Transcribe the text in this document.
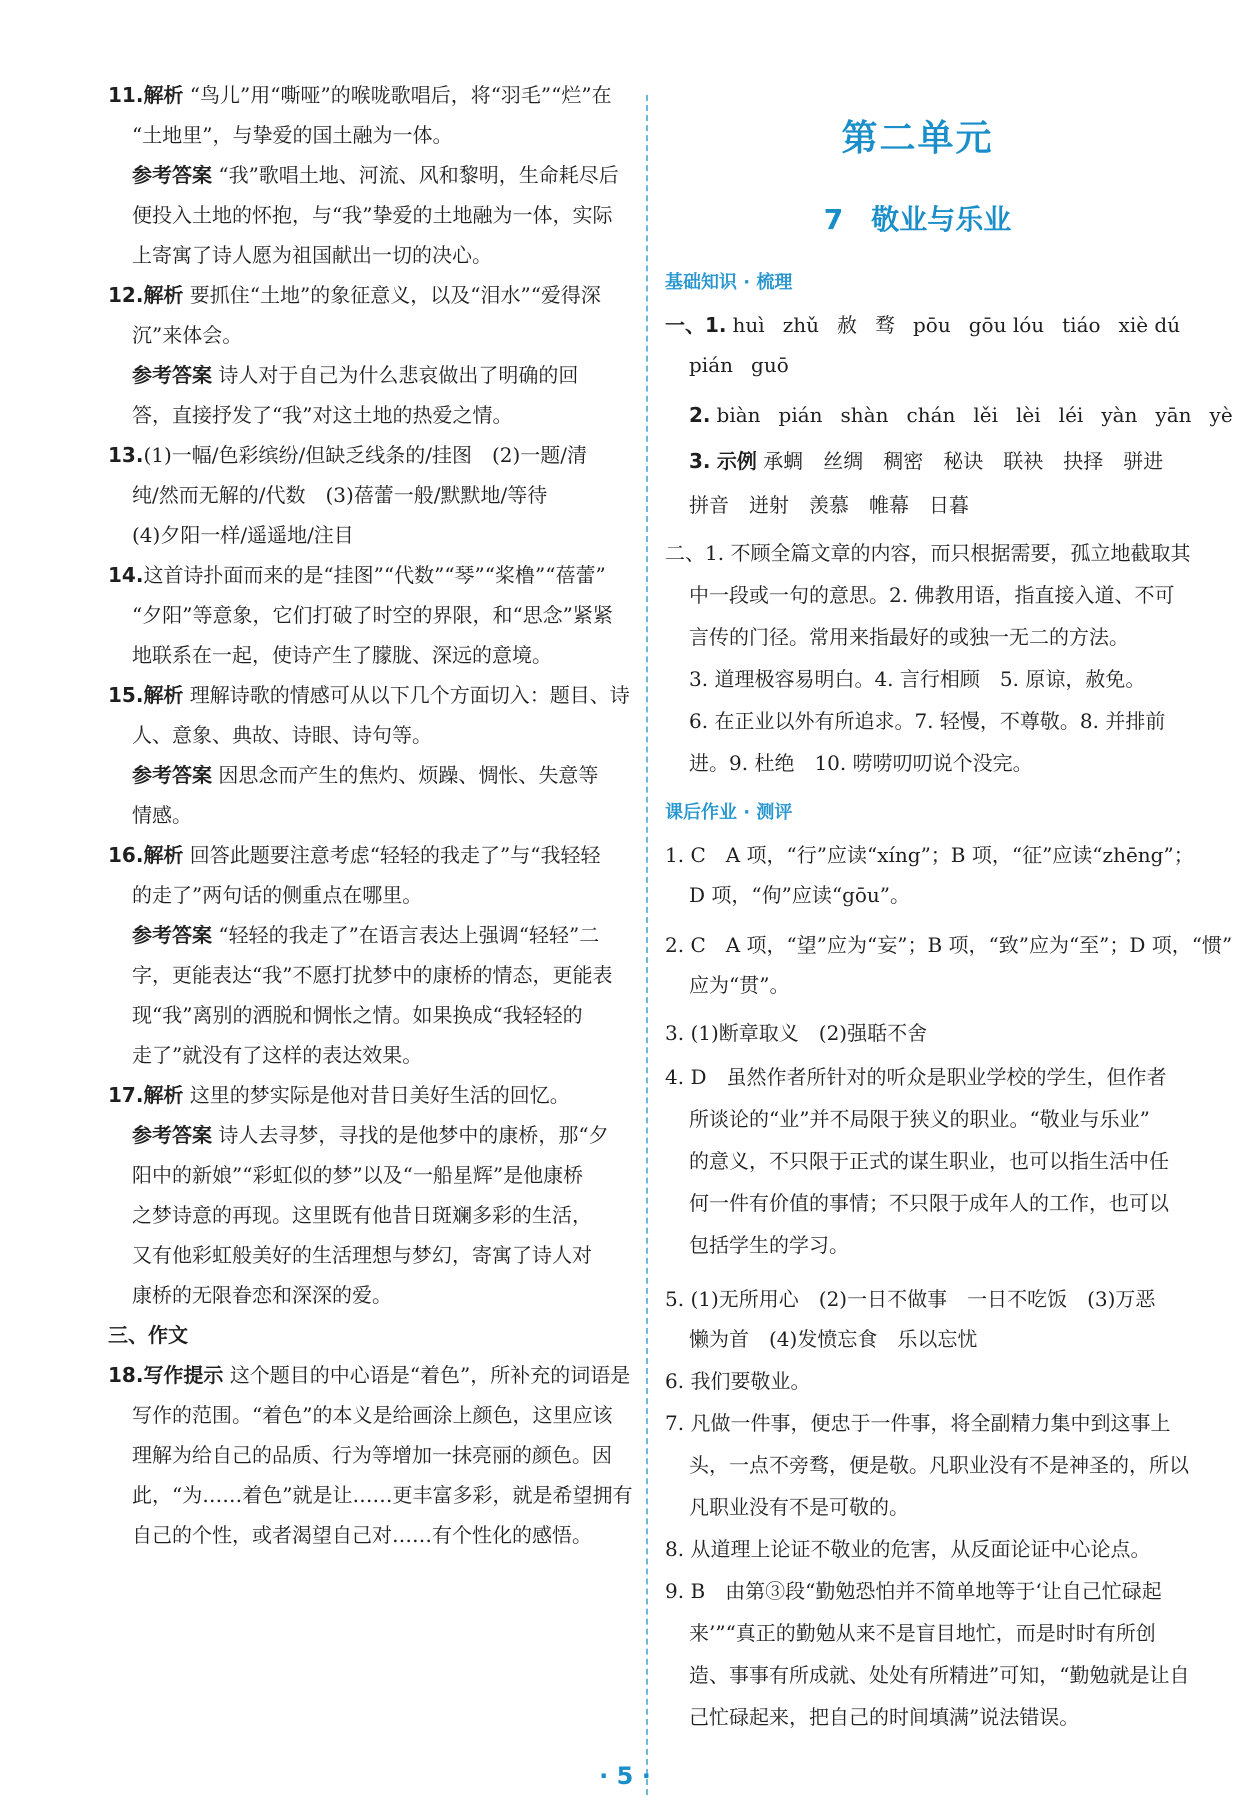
11.解析 “鸟儿”用“嘶哑”的喉咙歌唱后，将“羽毛”“烂”在
“土地里”，与挚爱的国土融为一体。
参考答案 “我”歌唱土地、河流、风和黎明，生命耗尽后
便投入土地的怀抱，与“我”挚爱的土地融为一体，实际
上寄寓了诗人愿为祖国献出一切的决心。
12.解析 要抓住“土地”的象征意义，以及“泪水”“爱得深
沉”来体会。
参考答案 诗人对于自己为什么悲哀做出了明确的回
答，直接抒发了“我”对这土地的热爱之情。
13.(1)一幅/色彩缤纷/但缺乏线条的/挂图　(2)一题/清
纯/然而无解的/代数　(3)蓓蕾一般/默默地/等待
(4)夕阳一样/遥遥地/注目
14.这首诗扑面而来的是“挂图”“代数”“琴”“桨橹”“蓓蕾”
“夕阳”等意象，它们打破了时空的界限，和“思念”紧紧
地联系在一起，使诗产生了朦胧、深远的意境。
15.解析 理解诗歌的情感可从以下几个方面切入：题目、诗
人、意象、典故、诗眼、诗句等。
参考答案 因思念而产生的焦灼、烦躁、惆怅、失意等
情感。
16.解析 回答此题要注意考虑“轻轻的我走了”与“我轻轻
的走了”两句话的侧重点在哪里。
参考答案 “轻轻的我走了”在语言表达上强调“轻轻”二
字，更能表达“我”不愿打扰梦中的康桥的情态，更能表
现“我”离别的洒脱和惆怅之情。如果换成“我轻轻的
走了”就没有了这样的表达效果。
17.解析 这里的梦实际是他对昔日美好生活的回忆。
参考答案 诗人去寻梦，寻找的是他梦中的康桥，那“夕
阳中的新娘”“彩虹似的梦”以及“一船星辉”是他康桥
之梦诗意的再现。这里既有他昔日斑斓多彩的生活，
又有他彩虹般美好的生活理想与梦幻，寄寓了诗人对
康桥的无限眷恋和深深的爱。
三、作文
18.写作提示 这个题目的中心语是“着色”，所补充的词语是
写作的范围。“着色”的本义是给画涂上颜色，这里应该
理解为给自己的品质、行为等增加一抹亮丽的颜色。因
此，“为……着色”就是让……更丰富多彩，就是希望拥有
自己的个性，或者渴望自己对……有个性化的感悟。
第二单元
7　敬业与乐业
基础知识 · 梳理
一、1. huì zhǔ 赦 骛 pōu gōu lóu tiáo xiè dú
pián guō
2. biàn pián shàn chán lěi lèi léi yàn yān yè
3. 示例 承蜩　丝绸　稠密　秘诀　联袂　抉择　骈进
拼音　迸射　羡慕　帷幕　日暮
二、1. 不顾全篇文章的内容，而只根据需要，孤立地截取其
中一段或一句的意思。2. 佛教用语，指直接入道、不可
言传的门径。常用来指最好的或独一无二的方法。
3. 道理极容易明白。4. 言行相顾　5. 原谅，赦免。
6. 在正业以外有所追求。7. 轻慢，不尊敬。8. 并排前
进。9. 杜绝　10. 唠唠叨叨说个没完。
课后作业 · 测评
1. C　A 项，“行”应读“xíng”；B 项，“征”应读“zhēng”；
D 项，“佝”应读“gōu”。
2. C　A 项，“望”应为“妄”；B 项，“致”应为“至”；D 项，“惯”
应为“贯”。
3. (1)断章取义　(2)强聒不舍
4. D　虽然作者所针对的听众是职业学校的学生，但作者
所谈论的“业”并不局限于狭义的职业。“敬业与乐业”
的意义，不只限于正式的谋生职业，也可以指生活中任
何一件有价值的事情；不只限于成年人的工作，也可以
包括学生的学习。
5. (1)无所用心　(2)一日不做事　一日不吃饭　(3)万恶
懒为首　(4)发愤忘食　乐以忘忧
6. 我们要敬业。
7. 凡做一件事，便忠于一件事，将全副精力集中到这事上
头，一点不旁骛，便是敬。凡职业没有不是神圣的，所以
凡职业没有不是可敬的。
8. 从道理上论证不敬业的危害，从反面论证中心论点。
9. B　由第③段“勤勉恐怕并不简单地等于‘让自己忙碌起
来’”“真正的勤勉从来不是盲目地忙，而是时时有所创
造、事事有所成就、处处有所精进”可知，“勤勉就是让自
己忙碌起来，把自己的时间填满”说法错误。
· 5 ·
